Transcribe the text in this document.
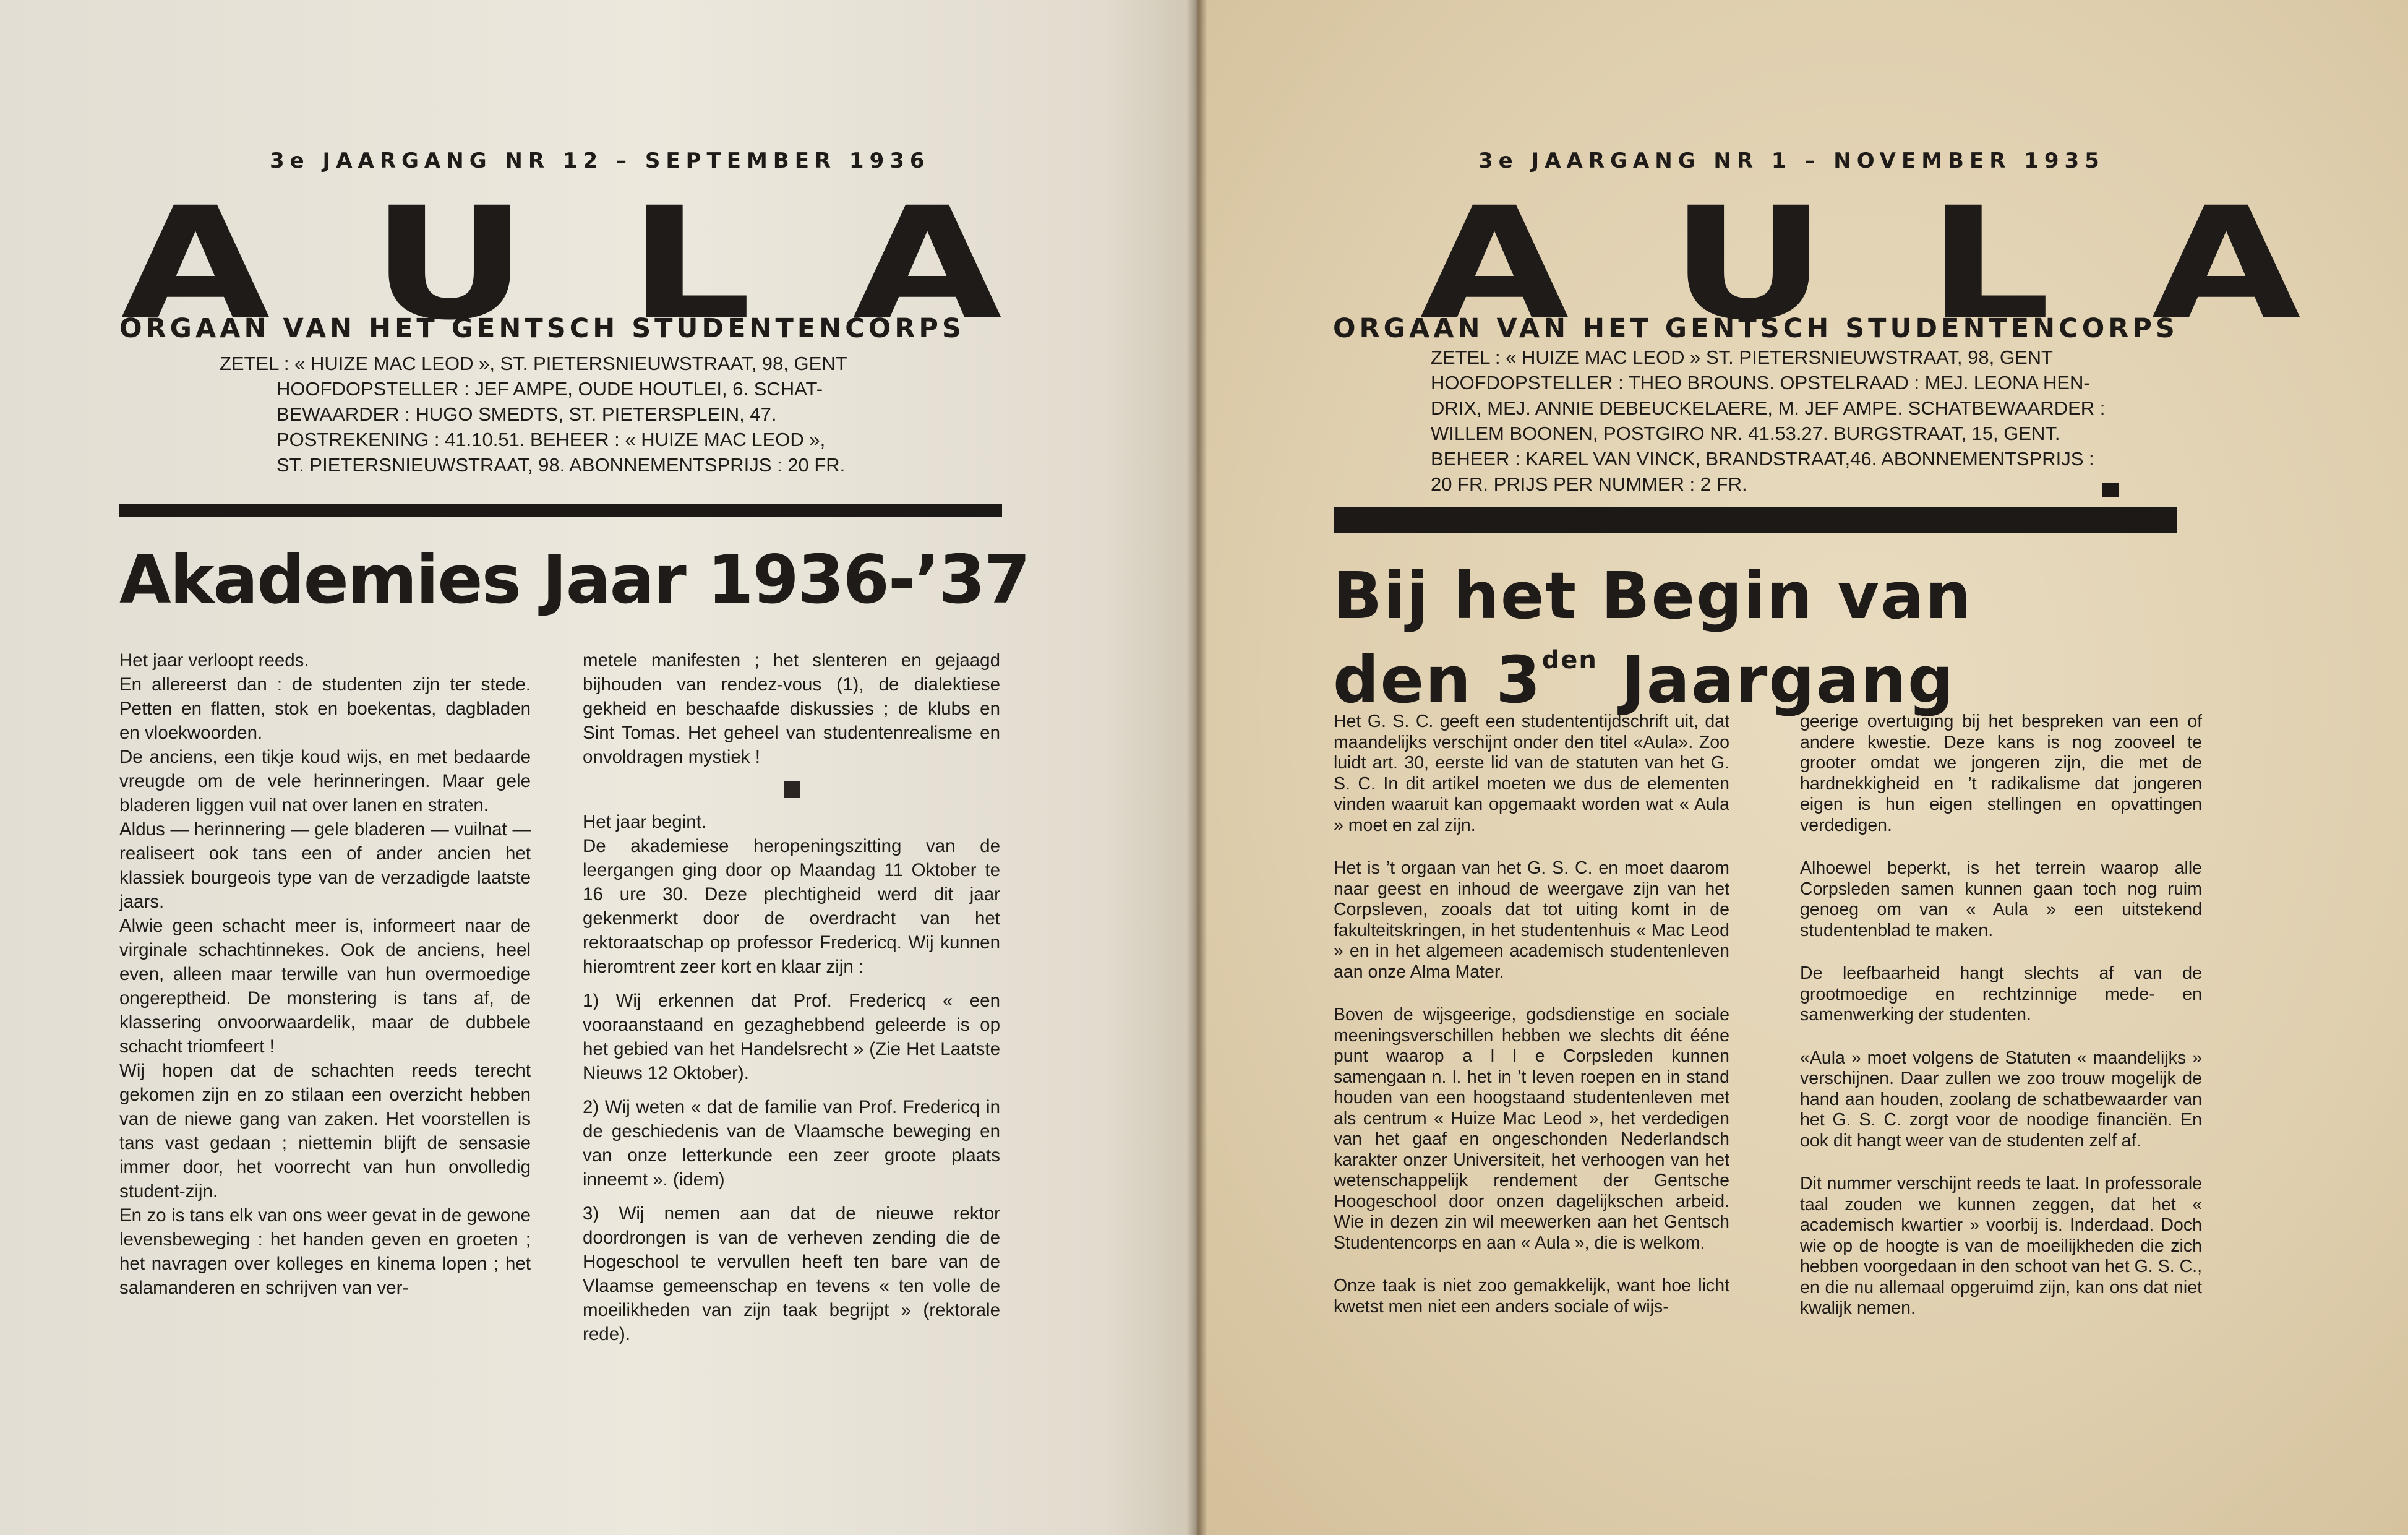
3e JAARGANG NR 12 – SEPTEMBER 1936
A U L A
ORGAAN VAN HET GENTSCH STUDENTENCORPS
ZETEL : « HUIZE MAC LEOD », ST. PIETERSNIEUWSTRAAT, 98, GENT
HOOFDOPSTELLER : JEF AMPE, OUDE HOUTLEI, 6. SCHAT-
BEWAARDER : HUGO SMEDTS, ST. PIETERSPLEIN, 47.
POSTREKENING : 41.10.51. BEHEER : « HUIZE MAC LEOD »,
ST. PIETERSNIEUWSTRAAT, 98. ABONNEMENTSPRIJS : 20 FR.
Akademies Jaar 1936-’37

Het jaar verloopt reeds.

En allereerst dan : de studenten zijn ter stede. Petten en flatten, stok en boekentas, dagbladen en vloekwoorden.

De anciens, een tikje koud wijs, en met bedaarde vreugde om de vele herinneringen. Maar gele bladeren liggen vuil nat over lanen en straten.

Aldus — herinnering — gele bladeren — vuilnat — realiseert ook tans een of ander ancien het klassiek bourgeois type van de verzadigde laatste jaars.

Alwie geen schacht meer is, informeert naar de virginale schachtinnekes. Ook de anciens, heel even, alleen maar terwille van hun overmoedige ongereptheid. De monstering is tans af, de klassering onvoorwaardelik, maar de dubbele schacht triomfeert !

Wij hopen dat de schachten reeds terecht gekomen zijn en zo stilaan een overzicht hebben van de niewe gang van zaken. Het voorstellen is tans vast gedaan ; niettemin blijft de sensasie immer door, het voorrecht van hun onvolledig student-zijn.

En zo is tans elk van ons weer gevat in de gewone levensbeweging : het handen geven en groeten ; het navragen over kolleges en kinema lopen ; het salamanderen en schrijven van ver-

metele manifesten ; het slenteren en gejaagd bijhouden van rendez-vous (1), de dialektiese gekheid en beschaafde diskussies ; de klubs en Sint Tomas. Het geheel van studentenrealisme en onvoldragen mystiek !

Het jaar begint.

De akademiese heropeningszitting van de leergangen ging door op Maandag 11 Oktober te 16 ure 30. Deze plechtigheid werd dit jaar gekenmerkt door de overdracht van het rektoraatschap op professor Fredericq. Wij kunnen hieromtrent zeer kort en klaar zijn :

1) Wij erkennen dat Prof. Fredericq « een vooraanstaand en gezaghebbend geleerde is op het gebied van het Handelsrecht » (Zie Het Laatste Nieuws 12 Oktober).

2) Wij weten « dat de familie van Prof. Fredericq in de geschiedenis van de Vlaamsche beweging en van onze letterkunde een zeer groote plaats inneemt ». (idem)

3) Wij nemen aan dat de nieuwe rektor doordrongen is van de verheven zending die de Hogeschool te vervullen heeft ten bare van de Vlaamse gemeenschap en tevens « ten volle de moeilikheden van zijn taak begrijpt » (rektorale rede).

3e JAARGANG NR 1 – NOVEMBER 1935
A U L A
ORGAAN VAN HET GENTSCH STUDENTENCORPS
ZETEL : « HUIZE MAC LEOD » ST. PIETERSNIEUWSTRAAT, 98, GENT
HOOFDOPSTELLER : THEO BROUNS. OPSTELRAAD : MEJ. LEONA HEN-
DRIX, MEJ. ANNIE DEBEUCKELAERE, M. JEF AMPE. SCHATBEWAARDER :
WILLEM BOONEN, POSTGIRO NR. 41.53.27. BURGSTRAAT, 15, GENT.
BEHEER : KAREL VAN VINCK, BRANDSTRAAT,46. ABONNEMENTSPRIJS :
20 FR. PRIJS PER NUMMER : 2 FR.
Bij het Begin van
den $3^{den}$ Jaargang

Het G. S. C. geeft een studententijdschrift uit, dat maandelijks verschijnt onder den titel «Aula». Zoo luidt art. 30, eerste lid van de statuten van het G. S. C. In dit artikel moeten we dus de elementen vinden waaruit kan opgemaakt worden wat « Aula » moet en zal zijn.

Het is ’t orgaan van het G. S. C. en moet daarom naar geest en inhoud de weergave zijn van het Corpsleven, zooals dat tot uiting komt in de fakulteitskringen, in het studentenhuis « Mac Leod » en in het algemeen academisch studentenleven aan onze Alma Mater.

Boven de wijsgeerige, godsdienstige en sociale meeningsverschillen hebben we slechts dit ééne punt waarop a l l e Corpsleden kunnen samengaan n. l. het in ’t leven roepen en in stand houden van een hoogstaand studentenleven met als centrum « Huize Mac Leod », het verdedigen van het gaaf en ongeschonden Nederlandsch karakter onzer Universiteit, het verhoogen van het wetenschappelijk rendement der Gentsche Hoogeschool door onzen dagelijkschen arbeid. Wie in dezen zin wil meewerken aan het Gentsch Studentencorps en aan « Aula », die is welkom.

Onze taak is niet zoo gemakkelijk, want hoe licht kwetst men niet een anders sociale of wijs-

geerige overtuiging bij het bespreken van een of andere kwestie. Deze kans is nog zooveel te grooter omdat we jongeren zijn, die met de hardnekkigheid en ’t radikalisme dat jongeren eigen is hun eigen stellingen en opvattingen verdedigen.

Alhoewel beperkt, is het terrein waarop alle Corpsleden samen kunnen gaan toch nog ruim genoeg om van « Aula » een uitstekend studentenblad te maken.

De leefbaarheid hangt slechts af van de grootmoedige en rechtzinnige mede- en samenwerking der studenten.

«Aula » moet volgens de Statuten « maandelijks » verschijnen. Daar zullen we zoo trouw mogelijk de hand aan houden, zoolang de schatbewaarder van het G. S. C. zorgt voor de noodige financiën. En ook dit hangt weer van de studenten zelf af.

Dit nummer verschijnt reeds te laat. In professorale taal zouden we kunnen zeggen, dat het « academisch kwartier » voorbij is. Inderdaad. Doch wie op de hoogte is van de moeilijkheden die zich hebben voorgedaan in den schoot van het G. S. C., en die nu allemaal opgeruimd zijn, kan ons dat niet kwalijk nemen.
